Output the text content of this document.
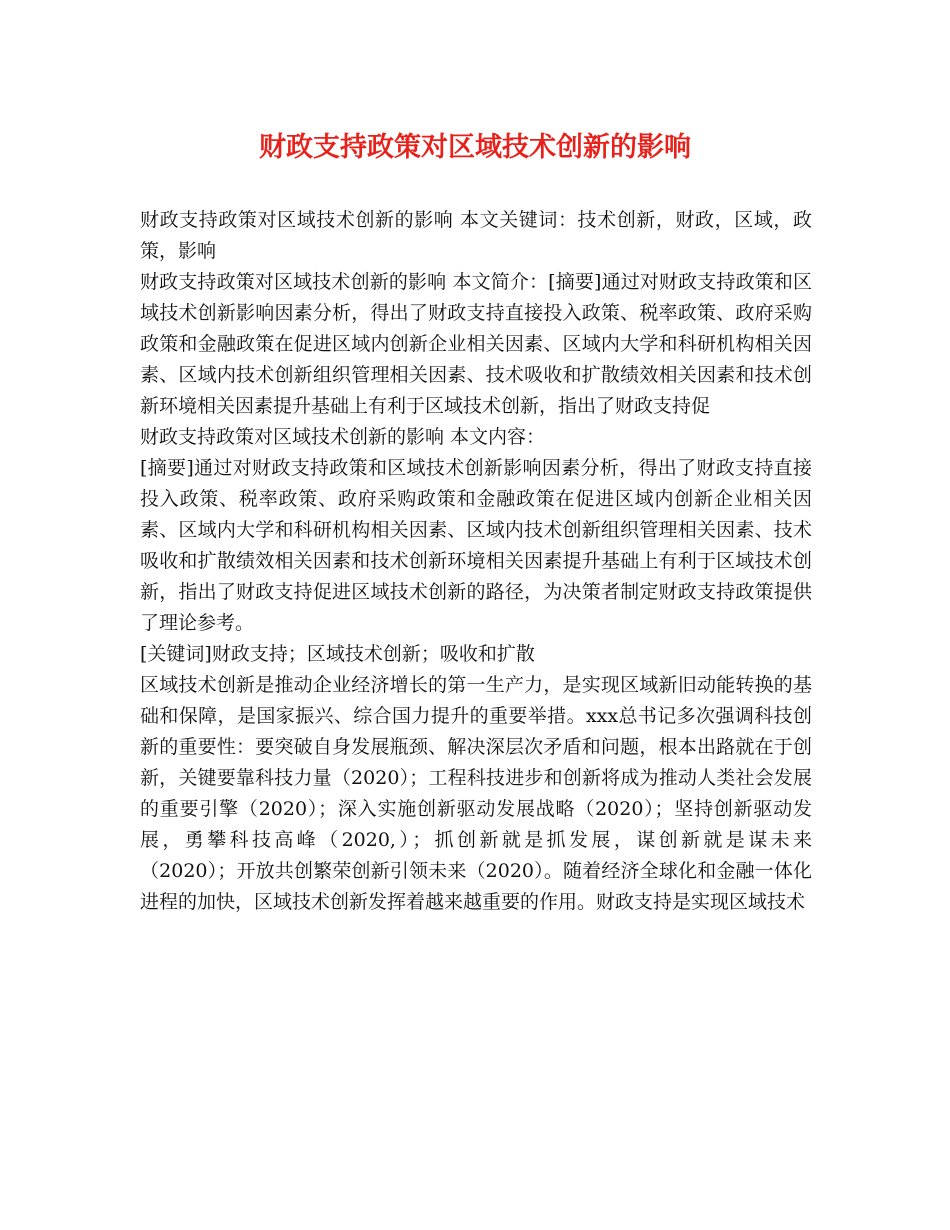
财政支持政策对区域技术创新的影响

财政支持政策对区域技术创新的影响 本文关键词：技术创新，财政，区域，政策，影响

财政支持政策对区域技术创新的影响 本文简介：[摘要]通过对财政支持政策和区域技术创新影响因素分析，得出了财政支持直接投入政策、税率政策、政府采购政策和金融政策在促进区域内创新企业相关因素、区域内大学和科研机构相关因素、区域内技术创新组织管理相关因素、技术吸收和扩散绩效相关因素和技术创新环境相关因素提升基础上有利于区域技术创新，指出了财政支持促

财政支持政策对区域技术创新的影响 本文内容：

[摘要]通过对财政支持政策和区域技术创新影响因素分析，得出了财政支持直接投入政策、税率政策、政府采购政策和金融政策在促进区域内创新企业相关因素、区域内大学和科研机构相关因素、区域内技术创新组织管理相关因素、技术吸收和扩散绩效相关因素和技术创新环境相关因素提升基础上有利于区域技术创新，指出了财政支持促进区域技术创新的路径，为决策者制定财政支持政策提供了理论参考。

[关键词]财政支持；区域技术创新；吸收和扩散

区域技术创新是推动企业经济增长的第一生产力，是实现区域新旧动能转换的基础和保障，是国家振兴、综合国力提升的重要举措。xxx总书记多次强调科技创新的重要性：要突破自身发展瓶颈、解决深层次矛盾和问题，根本出路就在于创新，关键要靠科技力量（2020）；工程科技进步和创新将成为推动人类社会发展的重要引擎（2020）；深入实施创新驱动发展战略（2020）；坚持创新驱动发展，勇攀科技高峰（2020,）；抓创新就是抓发展，谋创新就是谋未来（2020）；开放共创繁荣创新引领未来（2020）。随着经济全球化和金融一体化进程的加快，区域技术创新发挥着越来越重要的作用。财政支持是实现区域技术
